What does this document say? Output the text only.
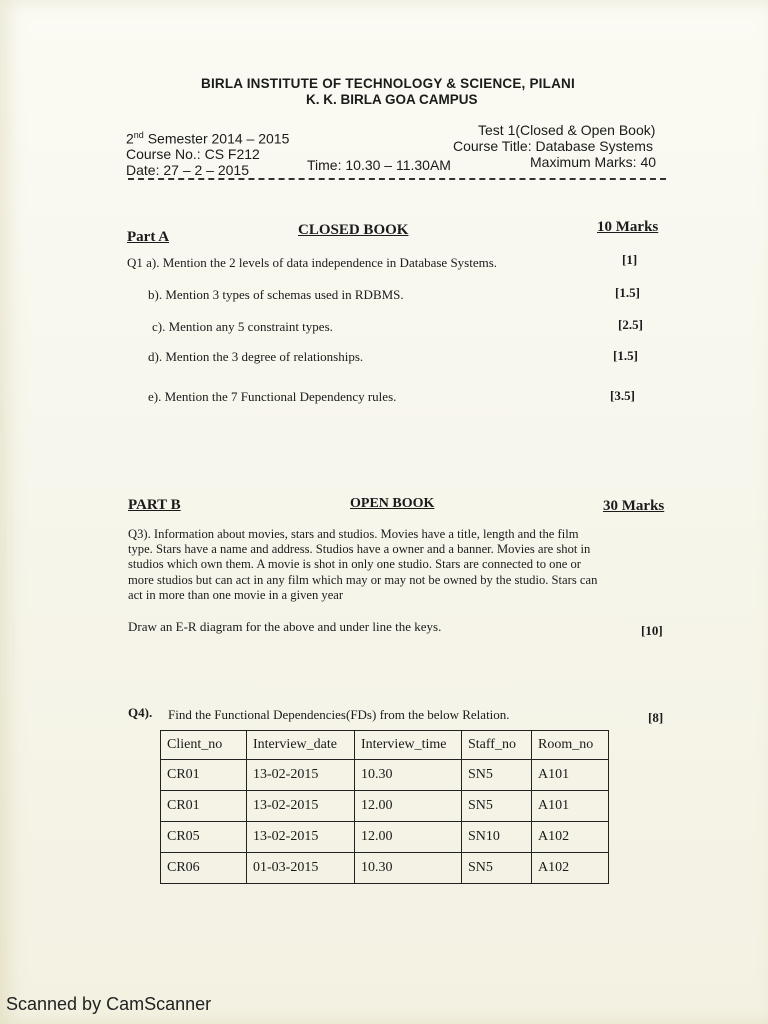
BIRLA INSTITUTE OF TECHNOLOGY & SCIENCE, PILANI
K. K. BIRLA GOA CAMPUS
2nd Semester 2014 – 2015
Course No.: CS F212
Date: 27 – 2 – 2015	Time: 10.30 – 11.30AM
Test 1(Closed & Open Book)
Course Title: Database Systems
Maximum Marks: 40
Part A	CLOSED BOOK	10 Marks
Q1 a). Mention the 2 levels of data independence in Database Systems.	[1]
b). Mention 3 types of schemas used in RDBMS.	[1.5]
c). Mention any 5 constraint types.	[2.5]
d). Mention the 3 degree of relationships.	[1.5]
e). Mention the 7 Functional Dependency rules.	[3.5]
PART B	OPEN BOOK	30 Marks
Q3). Information about movies, stars and studios. Movies have a title, length and the film
type. Stars have a name and address. Studios have a owner and a banner. Movies are shot in
studios which own them. A movie is shot in only one studio. Stars are connected to one or
more studios but can act in any film which may or may not be owned by the studio. Stars can
act in more than one movie in a given year
Draw an E-R diagram for the above and under line the keys.	[10]
Q4). Find the Functional Dependencies(FDs) from the below Relation.	[8]
Client_no	Interview_date	Interview_time	Staff_no	Room_no
CR01	13-02-2015	10.30	SN5	A101
CR01	13-02-2015	12.00	SN5	A101
CR05	13-02-2015	12.00	SN10	A102
CR06	01-03-2015	10.30	SN5	A102
Scanned by CamScanner
